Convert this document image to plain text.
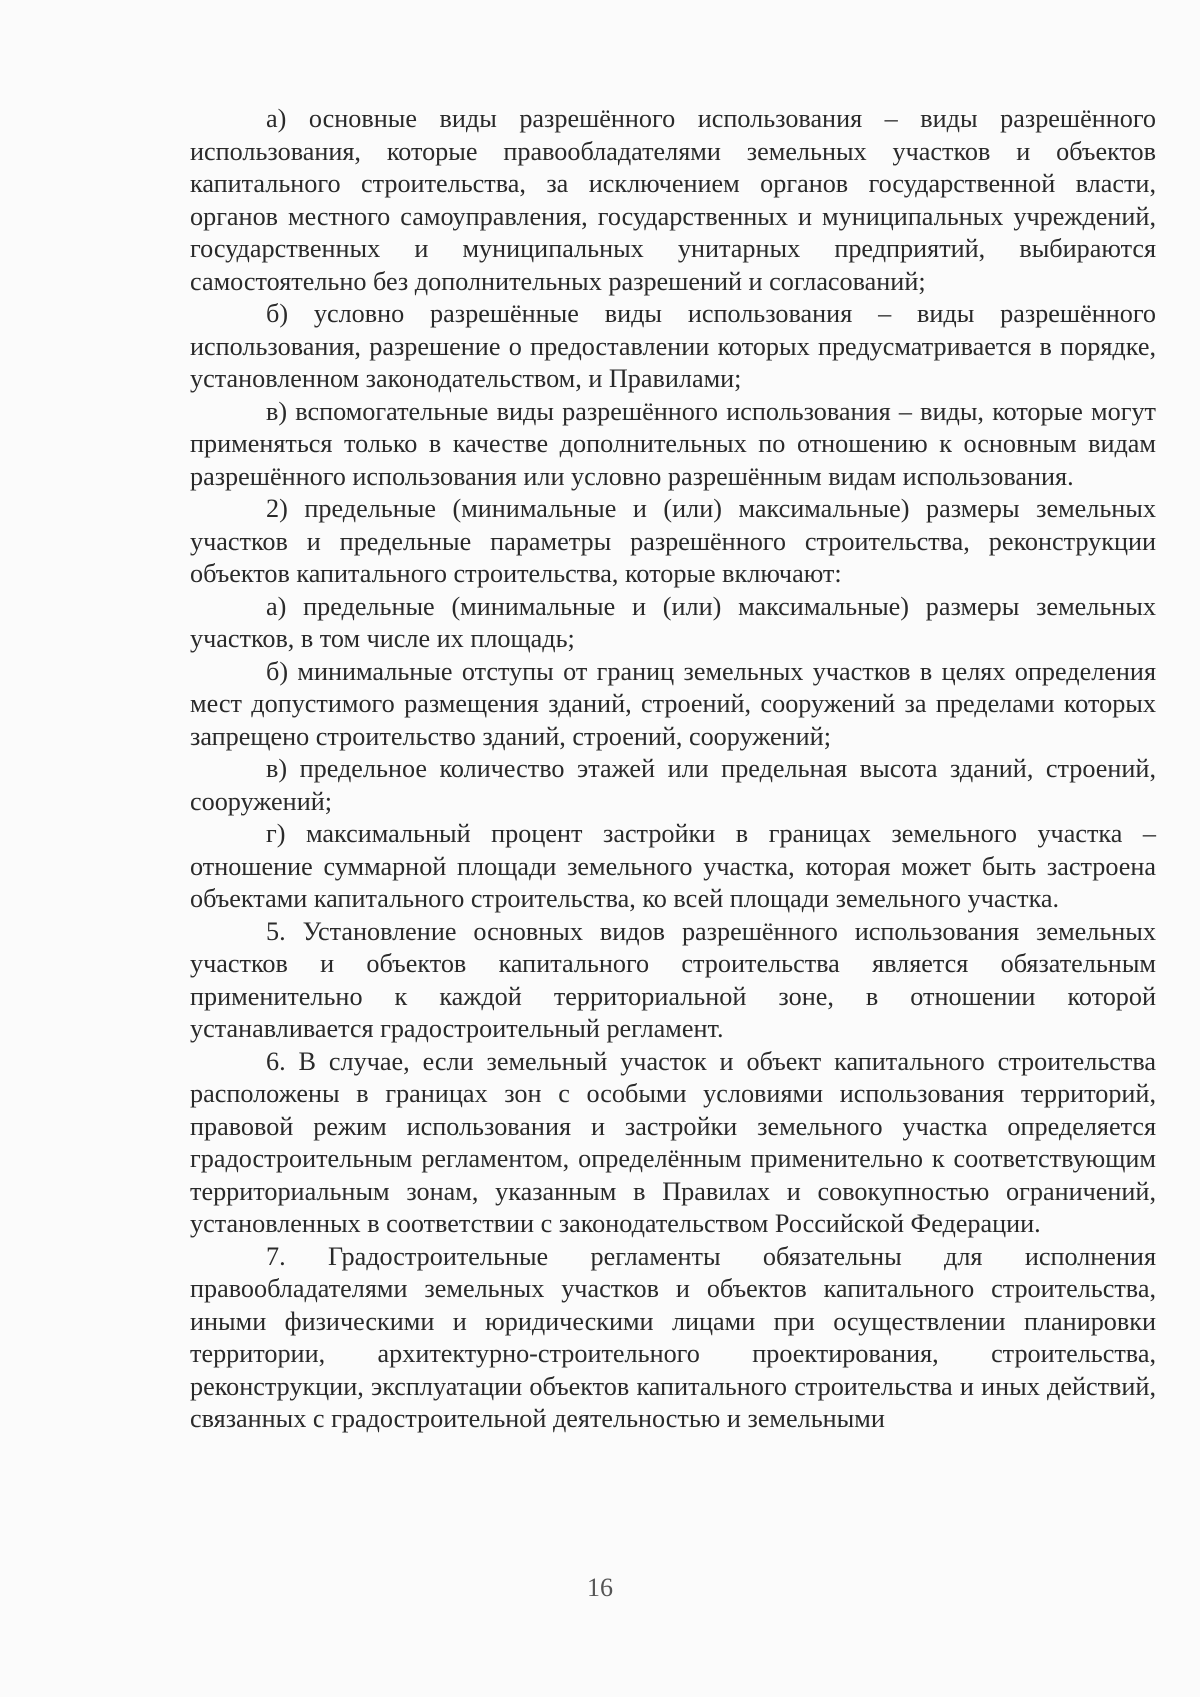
а) основные виды разрешённого использования – виды разрешённого использования, которые правообладателями земельных участков и объектов капитального строительства, за исключением органов государственной власти, органов местного самоуправления, государственных и муниципальных учреждений, государственных и муниципальных унитарных предприятий, выбираются самостоятельно без дополнительных разрешений и согласований;

б) условно разрешённые виды использования – виды разрешённого использования, разрешение о предоставлении которых предусматривается в порядке, установленном законодательством, и Правилами;

в) вспомогательные виды разрешённого использования – виды, которые могут применяться только в качестве дополнительных по отношению к основным видам разрешённого использования или условно разрешённым видам использования.

2) предельные (минимальные и (или) максимальные) размеры земельных участков и предельные параметры разрешённого строительства, реконструкции объектов капитального строительства, которые включают:

а) предельные (минимальные и (или) максимальные) размеры земельных участков, в том числе их площадь;

б) минимальные отступы от границ земельных участков в целях определения мест допустимого размещения зданий, строений, сооружений за пределами которых запрещено строительство зданий, строений, сооружений;

в) предельное количество этажей или предельная высота зданий, строений, сооружений;

г) максимальный процент застройки в границах земельного участка – отношение суммарной площади земельного участка, которая может быть застроена объектами капитального строительства, ко всей площади земельного участка.

5. Установление основных видов разрешённого использования земельных участков и объектов капитального строительства является обязательным применительно к каждой территориальной зоне, в отношении которой устанавливается градостроительный регламент.

6. В случае, если земельный участок и объект капитального строительства расположены в границах зон с особыми условиями использования территорий, правовой режим использования и застройки земельного участка определяется градостроительным регламентом, определённым применительно к соответствующим территориальным зонам, указанным в Правилах и совокупностью ограничений, установленных в соответствии с законодательством Российской Федерации.

7. Градостроительные регламенты обязательны для исполнения правообладателями земельных участков и объектов капитального строительства, иными физическими и юридическими лицами при осуществлении планировки территории, архитектурно-строительного проектирования, строительства, реконструкции, эксплуатации объектов капитального строительства и иных действий, связанных с градостроительной деятельностью и земельными

16
